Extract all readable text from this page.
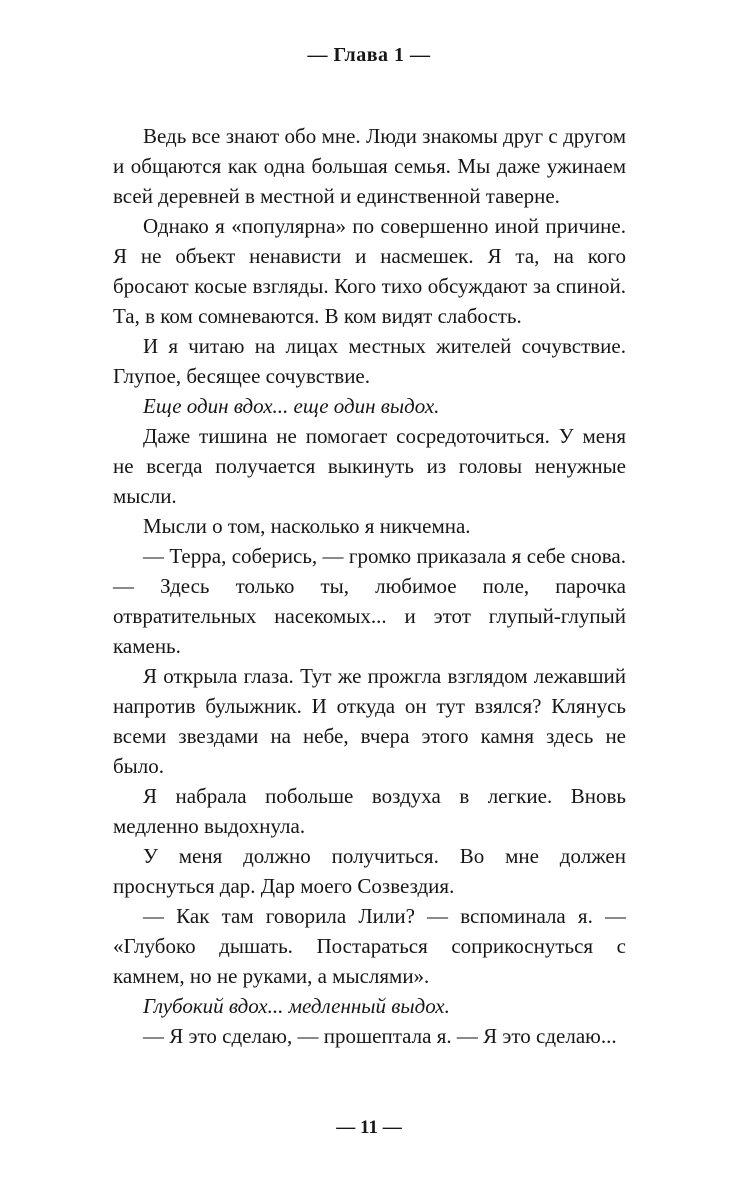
— Глава 1 —

Ведь все знают обо мне. Люди знакомы друг с другом и общаются как одна большая семья. Мы даже ужинаем всей деревней в местной и единственной таверне.

Однако я «популярна» по совершенно иной причине. Я не объект ненависти и насмешек. Я та, на кого бросают косые взгляды. Кого тихо обсуждают за спиной. Та, в ком сомневаются. В ком видят слабость.

И я читаю на лицах местных жителей сочувствие. Глупое, бесящее сочувствие.

Еще один вдох... еще один выдох.

Даже тишина не помогает сосредоточиться. У меня не всегда получается выкинуть из головы ненужные мысли.

Мысли о том, насколько я никчемна.

— Терра, соберись, — громко приказала я себе снова. — Здесь только ты, любимое поле, парочка отвратительных насекомых... и этот глупый-глупый камень.

Я открыла глаза. Тут же прожгла взглядом лежавший напротив булыжник. И откуда он тут взялся? Клянусь всеми звездами на небе, вчера этого камня здесь не было.

Я набрала побольше воздуха в легкие. Вновь медленно выдохнула.

У меня должно получиться. Во мне должен проснуться дар. Дар моего Созвездия.

— Как там говорила Лили? — вспоминала я. — «Глубоко дышать. Постараться соприкоснуться с камнем, но не руками, а мыслями».

Глубокий вдох... медленный выдох.

— Я это сделаю, — прошептала я. — Я это сделаю...

— 11 —
